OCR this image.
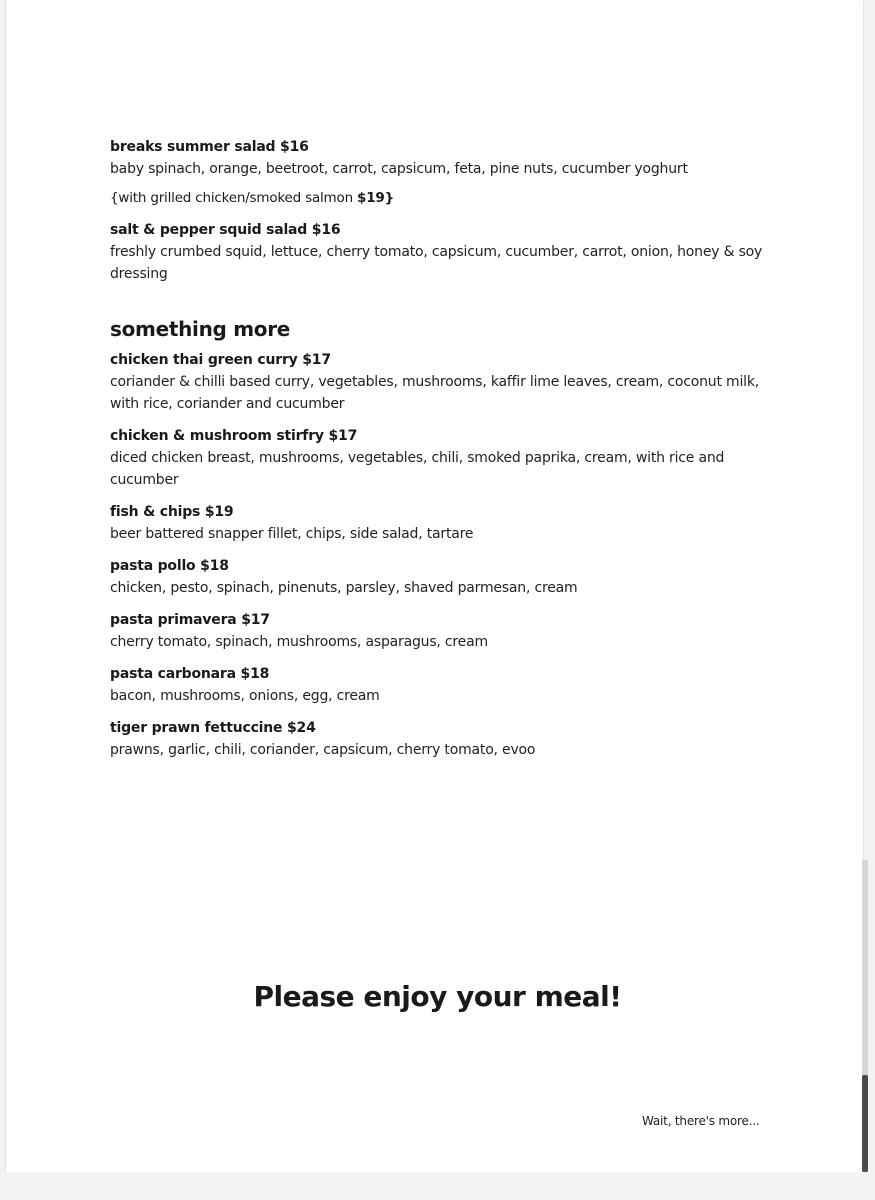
breaks summer salad $16
baby spinach, orange, beetroot, carrot, capsicum, feta, pine nuts, cucumber yoghurt
{with grilled chicken/smoked salmon $19}
salt & pepper squid salad $16
freshly crumbed squid, lettuce, cherry tomato, capsicum, cucumber, carrot, onion, honey & soy dressing
something more
chicken thai green curry $17
coriander & chilli based curry, vegetables, mushrooms, kaffir lime leaves, cream, coconut milk, with rice, coriander and cucumber
chicken & mushroom stirfry $17
diced chicken breast, mushrooms, vegetables, chili, smoked paprika, cream, with rice and cucumber
fish & chips $19
beer battered snapper fillet, chips, side salad, tartare
pasta pollo $18
chicken, pesto, spinach, pinenuts, parsley, shaved parmesan, cream
pasta primavera $17
cherry tomato, spinach, mushrooms, asparagus, cream
pasta carbonara $18
bacon, mushrooms, onions, egg, cream
tiger prawn fettuccine $24
prawns, garlic, chili, coriander, capsicum, cherry tomato, evoo
Please enjoy your meal!
Wait, there's more...
